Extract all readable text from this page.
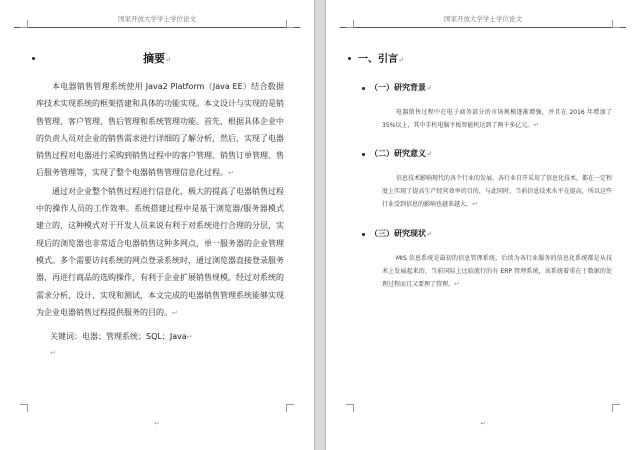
国家开放大学学士学位论文
摘要↵

本电器销售管理系统使用 Java2 Platform（Java EE）结合数据库技术实现系统的框架搭建和具体的功能实现。本文设计与实现的是销售管理、客户管理、售后管理和系统管理功能。首先，根据具体企业中的负责人员对企业的销售需求进行详细的了解分析，然后，实现了电器销售过程对电器进行采购到销售过程中的客户管理、销售订单管理、售后服务管理等，实现了整个电器销售管理信息化过程。↵

通过对企业整个销售过程进行信息化，极大的提高了电器销售过程中的操作人员的工作效率。系统搭建过程中是基于浏览器/服务器模式建立的，这种模式对于开发人员来说有利于对系统进行合理的分层，实现后的浏览器也非常适合电器销售这种多网点，单一服务器的企业管理模式。多个需要访问系统的网点登录系统时，通过浏览器直接登录服务器，再进行商品的选购操作，有利于企业扩展销售规模。经过对系统的需求分析、设计、实现和测试，本文完成的电器销售管理系统能够实现为企业电器销售过程提供服务的目的。↵

关键词：电器；管理系统；SQL；Java↵
↵
↵
国家开放大学学士学位论文
一、引言↵
（一）研究背景↵
电器销售过程中在电子商务部分的市场规模逐渐增强，并且在 2016 年增加了 35%以上，其中手机电脑平板智能机达到了两千多亿元。↵
（二）研究意义↵
信息技术影响现代的各个行业的发展，各行业自开采用了信息化技术，都在一定程度上实现了提高生产经营效率的目的，与此同时，当前信息技术水平在提高，所以这些行业受到信息的影响也越来越大。↵
（三）研究现状↵
MIS 信息系统是最初的信息管理系统，后续为各行业服务的信息化系统都是从技术上发展起来的，当前国际上比较流行的有 ERP 管理系统，该系统着重在于数据的处理过程而且又要理了管理。↵
↵
